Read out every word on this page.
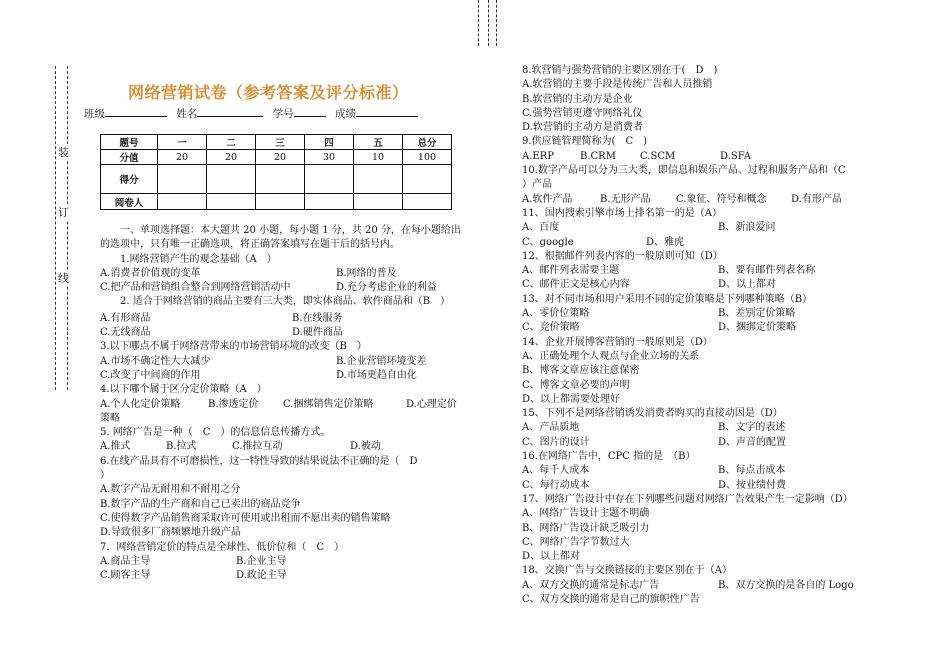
装
订
线
网络营销试卷（参考答案及评分标准）
班级	姓名	学号	成绩
题号	一	二	三	四	五	总分
分值	20	20	20	30	10	100
得分						
阅卷人						

一、单项选择题：本大题共 20 小题，每小题 1 分，共 20 分，在每小题给出的选项中，只有唯一正确选项，将正确答案填写在题干后的括号内。

1.网络营销产生的观念基础（A　）

A.消费者价值观的变革	B.网络的普及
C.把产品和营销组合整合到网络营销活动中	D.充分考虑企业的利益

2. 适合于网络营销的商品主要有三大类，即实体商品、软件商品和（B　）

A.有形商品	B.在线服务
C.无线商品	D.硬件商品

3.以下哪点不属于网络营带来的市场营销环境的改变（B　）

A.市场不确定性大大减少	B.企业营销环境变差
C.改变了中间商的作用	D.市场更趋自由化

4.以下哪个属于区分定价策略（A　）

A.个人化定价策略	B.渗透定价	C.捆绑销售定价策略	D.心理定价

策略

5. 网络广告是一种（　C　）的信息信息传播方式。

A.推式	B.拉式	C.推拉互动	D.被动

6.在线产品具有不可磨损性，这一特性导致的结果说法不正确的是（　D

）

A.数字产品无耐用和不耐用之分

B.数字产品的生产商和自己已卖出的商品竞争

C.使得数字产品销售商采取许可使用或出租而不愿出卖的销售策略

D.导致很多厂商频繁地升级产品

7．网络营销定价的特点是全球性、低价位和（　C　）

A.商品主导	B.企业主导
C.顾客主导	D.政论主导

8.软营销与强势营销的主要区别在于(　D　)

A.软营销的主要手段是传统广告和人员推销

B.软营销的主动方是企业

C.强势营销更遵守网络礼仪

D.软营销的主动方是消费者

9.供应链管理简称为(　C　)

A.ERP	B.CRM	C.SCM	D.SFA

10.数字产品可以分为三大类，即信息和娱乐产品、过程和服务产品和（C

）产品

A.软件产品	B.无形产品	C.象征、符号和概念	D.有形产品

11、国内搜索引擎市场上排名第一的是（A）

A、百度	B、新浪爱问
C、google	D、雅虎

12、根据邮件列表内容的一般原则可知（D）

A、邮件列表需要主题	B、要有邮件列表名称
C、邮件正文是核心内容	D、以上都对

13、对不同市场和用户采用不同的定价策略是下列哪种策略（B）

A、零价位策略	B、差别定价策略
C、竞价策略	D、捆绑定价策略

14、企业开展博客营销的一般原则是（D）

A、正确处理个人观点与企业立场的关系

B、博客文章应该注意保密

C、博客文章必要的声明

D、以上都需要处理好

15、下列不是网络营销诱发消费者购买的直接动因是（D）

A、产品质地	B、文字的表述
C、图片的设计	D、声音的配置

16.在网络广告中，CPC 指的是　（B）

A、每千人成本	B、每点击成本
C、每行动成本	D、按业绩付费

17、网络广告设计中存在下列哪些问题对网络广告效果产生一定影响（D）

A、网络广告设计主题不明确

B、网络广告设计缺乏吸引力

C、网络广告字节数过大

D、以上都对

18、交换广告与交换链接的主要区别在于（A）

A、双方交换的通常是标志广告	B、双方交换的是各自的 Logo

C、双方交换的通常是自己的旗帜性广告
